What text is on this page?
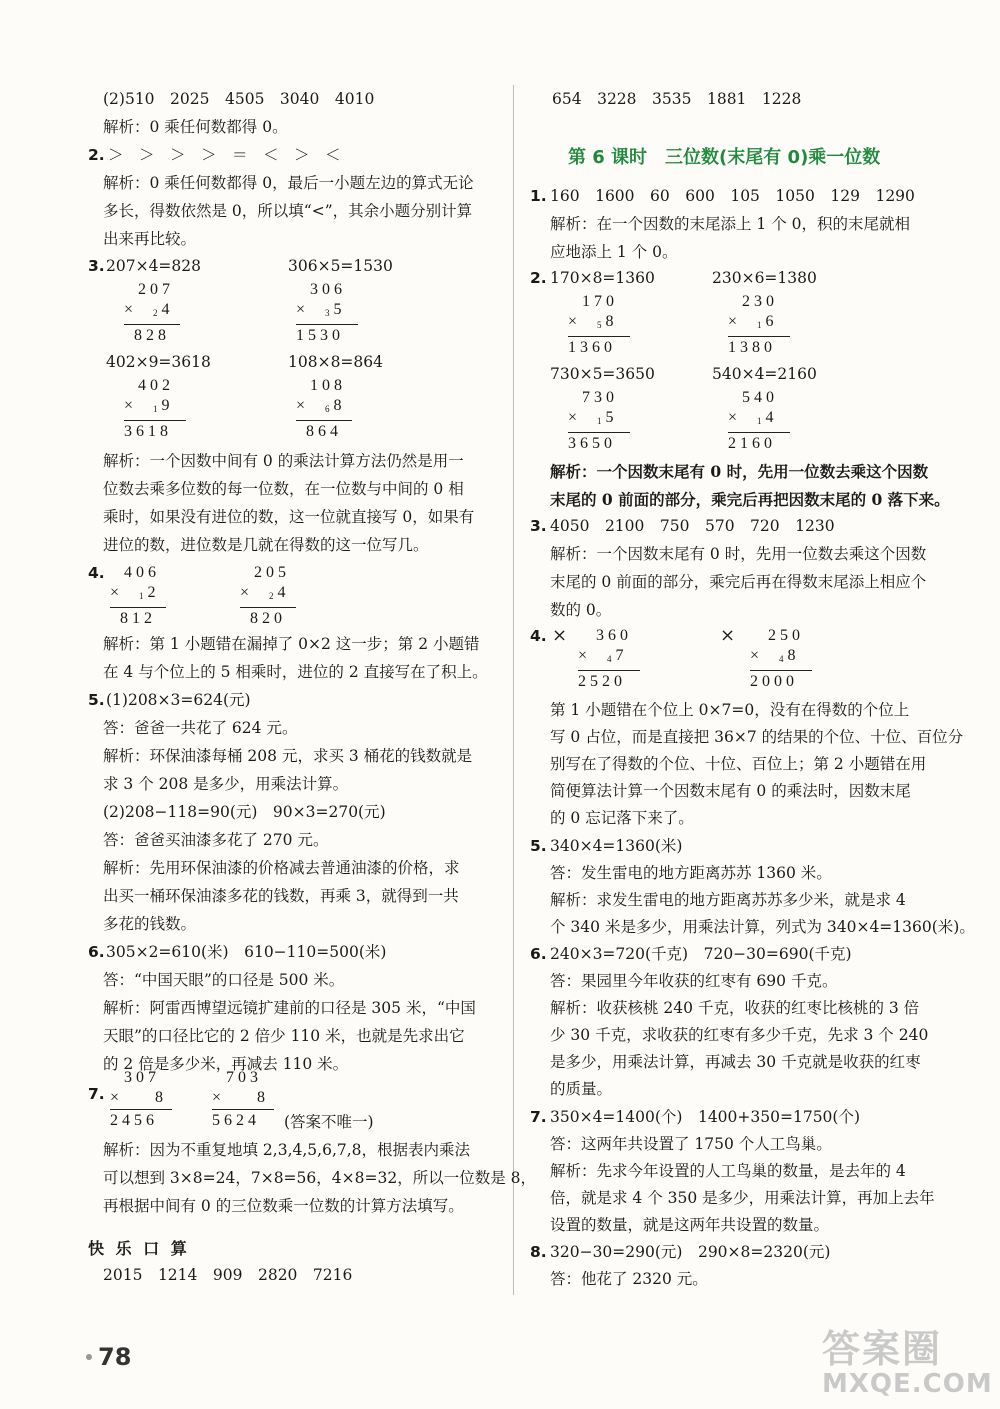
(2)510　2025　4505　3040　4010
解析：0 乘任何数都得 0。
2. ＞　＞　＞　＞　＝　＜　＞　＜
解析：0 乘任何数都得 0，最后一小题左边的算式无论
多长，得数依然是 0，所以填“<”，其余小题分别计算
出来再比较。
3. 207×4=828	306×5=1530
207
× 24
828
306
× 35
1530
402×9=3618	108×8=864
402
× 19
3618
108
× 68
864
解析：一个因数中间有 0 的乘法计算方法仍然是用一
位数去乘多位数的每一位数，在一位数与中间的 0 相
乘时，如果没有进位的数，这一位就直接写 0，如果有
进位的数，进位数是几就在得数的这一位写几。
4.	406
× 12
812
205
× 24
820
解析：第 1 小题错在漏掉了 0×2 这一步；第 2 小题错
在 4 与个位上的 5 相乘时，进位的 2 直接写在了积上。
5. (1)208×3=624(元)
答：爸爸一共花了 624 元。
解析：环保油漆每桶 208 元，求买 3 桶花的钱数就是
求 3 个 208 是多少，用乘法计算。
(2)208−118=90(元)　90×3=270(元)
答：爸爸买油漆多花了 270 元。
解析：先用环保油漆的价格减去普通油漆的价格，求
出买一桶环保油漆多花的钱数，再乘 3，就得到一共
多花的钱数。
6. 305×2=610(米)　610−110=500(米)
答：“中国天眼”的口径是 500 米。
解析：阿雷西博望远镜扩建前的口径是 305 米，“中国
天眼”的口径比它的 2 倍少 110 米，也就是先求出它
的 2 倍是多少米，再减去 110 米。
7.
307
× 8
2456
703
× 8
5624	(答案不唯一)
解析：因为不重复地填 2,3,4,5,6,7,8，根据表内乘法
可以想到 3×8=24，7×8=56，4×8=32，所以一位数是 8，
再根据中间有 0 的三位数乘一位数的计算方法填写。
快 乐 口 算
2015　1214　909　2820　7216
654　3228　3535　1881　1228
第 6 课时　三位数(末尾有 0)乘一位数
1. 160　1600　60　600　105　1050　129　1290
解析：在一个因数的末尾添上 1 个 0，积的末尾就相
应地添上 1 个 0。
2. 170×8=1360	230×6=1380
170
× 58
1360
230
× 16
1380
730×5=3650	540×4=2160
730
× 15
3650
540
× 14
2160
解析：一个因数末尾有 0 时，先用一位数去乘这个因数
末尾的 0 前面的部分，乘完后再把因数末尾的 0 落下来。
3. 4050　2100　750　570　720　1230
解析：一个因数末尾有 0 时，先用一位数去乘这个因数
末尾的 0 前面的部分，乘完后再在得数末尾添上相应个
数的 0。
4. ×	360
× 47
2520
×	250
× 48
2000
第 1 小题错在个位上 0×7=0，没有在得数的个位上
写 0 占位，而是直接把 36×7 的结果的个位、十位、百位分
别写在了得数的个位、十位、百位上；第 2 小题错在用
简便算法计算一个因数末尾有 0 的乘法时，因数末尾
的 0 忘记落下来了。
5. 340×4=1360(米)
答：发生雷电的地方距离苏苏 1360 米。
解析：求发生雷电的地方距离苏苏多少米，就是求 4
个 340 米是多少，用乘法计算，列式为 340×4=1360(米)。
6. 240×3=720(千克)　720−30=690(千克)
答：果园里今年收获的红枣有 690 千克。
解析：收获核桃 240 千克，收获的红枣比核桃的 3 倍
少 30 千克，求收获的红枣有多少千克，先求 3 个 240
是多少，用乘法计算，再减去 30 千克就是收获的红枣
的质量。
7. 350×4=1400(个)　1400+350=1750(个)
答：这两年共设置了 1750 个人工鸟巢。
解析：先求今年设置的人工鸟巢的数量，是去年的 4
倍，就是求 4 个 350 是多少，用乘法计算，再加上去年
设置的数量，就是这两年共设置的数量。
8. 320−30=290(元)　290×8=2320(元)
答：他花了 2320 元。
78	答案圈
MXQE.COM
